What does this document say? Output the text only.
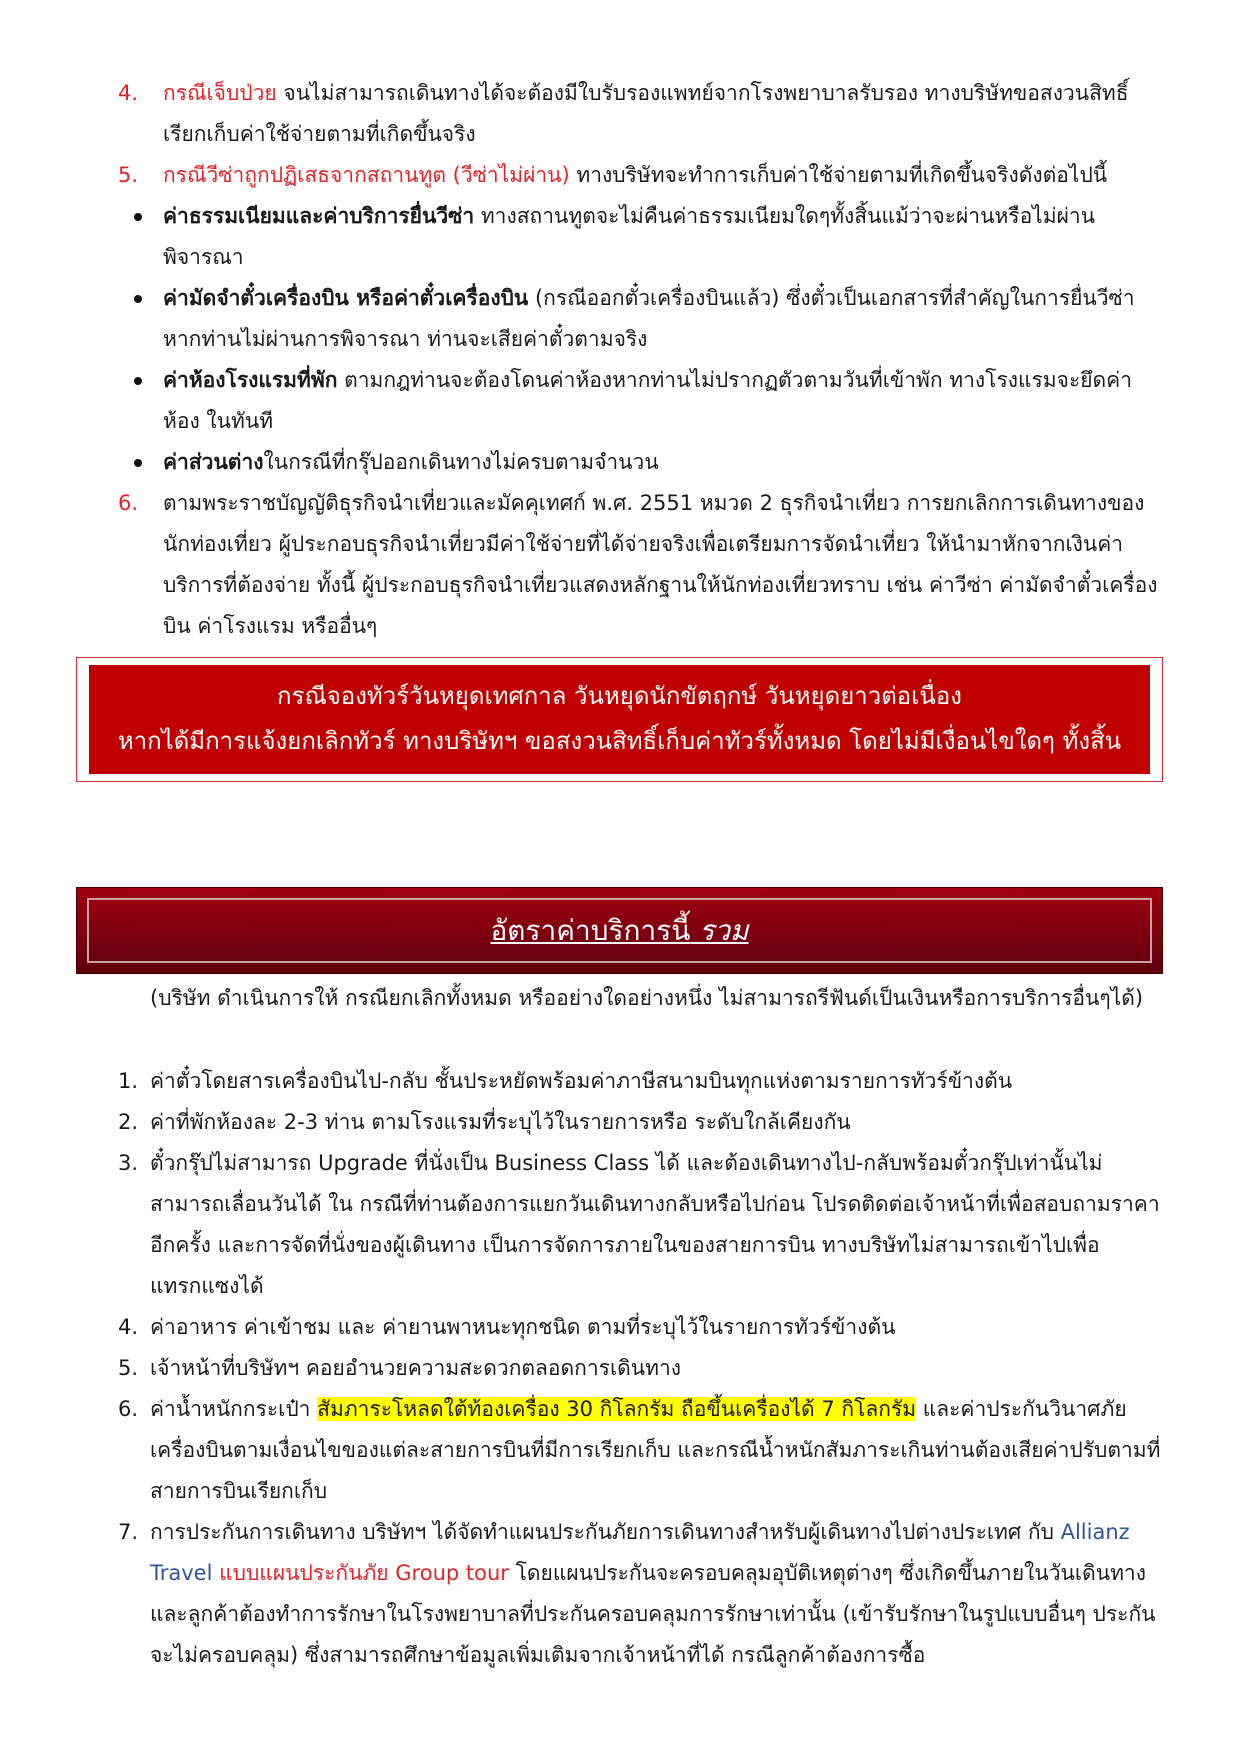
4.	กรณีเจ็บป่วย จนไม่สามารถเดินทางได้จะต้องมีใบรับรองแพทย์จากโรงพยาบาลรับรอง ทางบริษัทขอสงวนสิทธิ์เรียกเก็บค่าใช้จ่ายตามที่เกิดขึ้นจริง
5.	กรณีวีซ่าถูกปฏิเสธจากสถานทูต (วีซ่าไม่ผ่าน) ทางบริษัทจะทำการเก็บค่าใช้จ่ายตามที่เกิดขึ้นจริงดังต่อไปนี้
ค่าธรรมเนียมและค่าบริการยื่นวีซ่า ทางสถานทูตจะไม่คืนค่าธรรมเนียมใดๆทั้งสิ้นแม้ว่าจะผ่านหรือไม่ผ่านพิจารณา
ค่ามัดจำตั๋วเครื่องบิน หรือค่าตั๋วเครื่องบิน (กรณีออกตั๋วเครื่องบินแล้ว) ซึ่งตั๋วเป็นเอกสารที่สำคัญในการยื่นวีซ่า หากท่านไม่ผ่านการพิจารณา ท่านจะเสียค่าตั๋วตามจริง
ค่าห้องโรงแรมที่พัก ตามกฎท่านจะต้องโดนค่าห้องหากท่านไม่ปรากฏตัวตามวันที่เข้าพัก ทางโรงแรมจะยึดค่าห้อง ในทันที
ค่าส่วนต่างในกรณีที่กรุ๊ปออกเดินทางไม่ครบตามจำนวน
6.	ตามพระราชบัญญัติธุรกิจนำเที่ยวและมัคคุเทศก์ พ.ศ. 2551 หมวด 2 ธุรกิจนำเที่ยว การยกเลิกการเดินทางของนักท่องเที่ยว ผู้ประกอบธุรกิจนำเที่ยวมีค่าใช้จ่ายที่ได้จ่ายจริงเพื่อเตรียมการจัดนำเที่ยว ให้นำมาหักจากเงินค่าบริการที่ต้องจ่าย ทั้งนี้ ผู้ประกอบธุรกิจนำเที่ยวแสดงหลักฐานให้นักท่องเที่ยวทราบ เช่น ค่าวีซ่า ค่ามัดจำตั๋วเครื่องบิน ค่าโรงแรม หรืออื่นๆ
กรณีจองทัวร์วันหยุดเทศกาล วันหยุดนักขัตฤกษ์ วันหยุดยาวต่อเนื่อง
หากได้มีการแจ้งยกเลิกทัวร์ ทางบริษัทฯ ขอสงวนสิทธิ์เก็บค่าทัวร์ทั้งหมด โดยไม่มีเงื่อนไขใดๆ ทั้งสิ้น
อัตราค่าบริการนี้ รวม
(บริษัท ดำเนินการให้ กรณียกเลิกทั้งหมด หรืออย่างใดอย่างหนึ่ง ไม่สามารถรีฟันด์เป็นเงินหรือการบริการอื่นๆได้)
1. ค่าตั๋วโดยสารเครื่องบินไป-กลับ ชั้นประหยัดพร้อมค่าภาษีสนามบินทุกแห่งตามรายการทัวร์ข้างต้น
2. ค่าที่พักห้องละ 2-3 ท่าน ตามโรงแรมที่ระบุไว้ในรายการหรือ ระดับใกล้เคียงกัน
3. ตั๋วกรุ๊ปไม่สามารถ Upgrade ที่นั่งเป็น Business Class ได้ และต้องเดินทางไป-กลับพร้อมตั๋วกรุ๊ปเท่านั้นไม่สามารถเลื่อนวันได้ ใน กรณีที่ท่านต้องการแยกวันเดินทางกลับหรือไปก่อน โปรดติดต่อเจ้าหน้าที่เพื่อสอบถามราคาอีกครั้ง และการจัดที่นั่งของผู้เดินทาง เป็นการจัดการภายในของสายการบิน ทางบริษัทไม่สามารถเข้าไปเพื่อแทรกแซงได้
4. ค่าอาหาร ค่าเข้าชม และ ค่ายานพาหนะทุกชนิด ตามที่ระบุไว้ในรายการทัวร์ข้างต้น
5. เจ้าหน้าที่บริษัทฯ คอยอำนวยความสะดวกตลอดการเดินทาง
6. ค่าน้ำหนักกระเป๋า สัมภาระโหลดใต้ท้องเครื่อง 30 กิโลกรัม ถือขึ้นเครื่องได้ 7 กิโลกรัม และค่าประกันวินาศภัยเครื่องบินตามเงื่อนไขของแต่ละสายการบินที่มีการเรียกเก็บ และกรณีน้ำหนักสัมภาระเกินท่านต้องเสียค่าปรับตามที่สายการบินเรียกเก็บ
7. การประกันการเดินทาง บริษัทฯ ได้จัดทำแผนประกันภัยการเดินทางสำหรับผู้เดินทางไปต่างประเทศ กับ Allianz Travel แบบแผนประกันภัย Group tour โดยแผนประกันจะครอบคลุมอุบัติเหตุต่างๆ ซึ่งเกิดขึ้นภายในวันเดินทาง และลูกค้าต้องทำการรักษาในโรงพยาบาลที่ประกันครอบคลุมการรักษาเท่านั้น (เข้ารับรักษาในรูปแบบอื่นๆ ประกันจะไม่ครอบคลุม) ซึ่งสามารถศึกษาข้อมูลเพิ่มเติมจากเจ้าหน้าที่ได้ กรณีลูกค้าต้องการซื้อ
